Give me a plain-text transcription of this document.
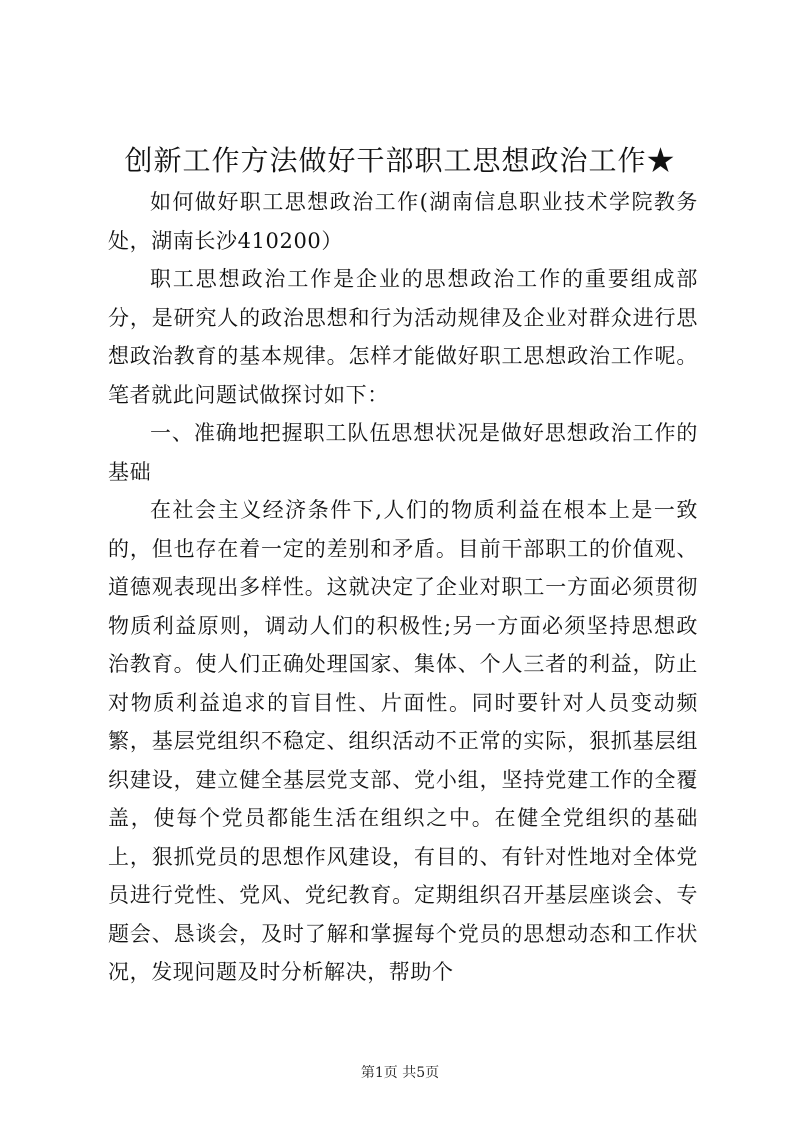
创新工作方法做好干部职工思想政治工作★

如何做好职工思想政治工作(湖南信息职业技术学院教务处，湖南长沙410200）

职工思想政治工作是企业的思想政治工作的重要组成部分，是研究人的政治思想和行为活动规律及企业对群众进行思想政治教育的基本规律。怎样才能做好职工思想政治工作呢。笔者就此问题试做探讨如下：

一、准确地把握职工队伍思想状况是做好思想政治工作的基础

在社会主义经济条件下,人们的物质利益在根本上是一致的，但也存在着一定的差别和矛盾。目前干部职工的价值观、道德观表现出多样性。这就决定了企业对职工一方面必须贯彻物质利益原则，调动人们的积极性;另一方面必须坚持思想政治教育。使人们正确处理国家、集体、个人三者的利益，防止对物质利益追求的盲目性、片面性。同时要针对人员变动频繁，基层党组织不稳定、组织活动不正常的实际，狠抓基层组织建设，建立健全基层党支部、党小组，坚持党建工作的全覆盖，使每个党员都能生活在组织之中。在健全党组织的基础上，狠抓党员的思想作风建设，有目的、有针对性地对全体党员进行党性、党风、党纪教育。定期组织召开基层座谈会、专题会、恳谈会，及时了解和掌握每个党员的思想动态和工作状况，发现问题及时分析解决，帮助个

第1页 共5页
